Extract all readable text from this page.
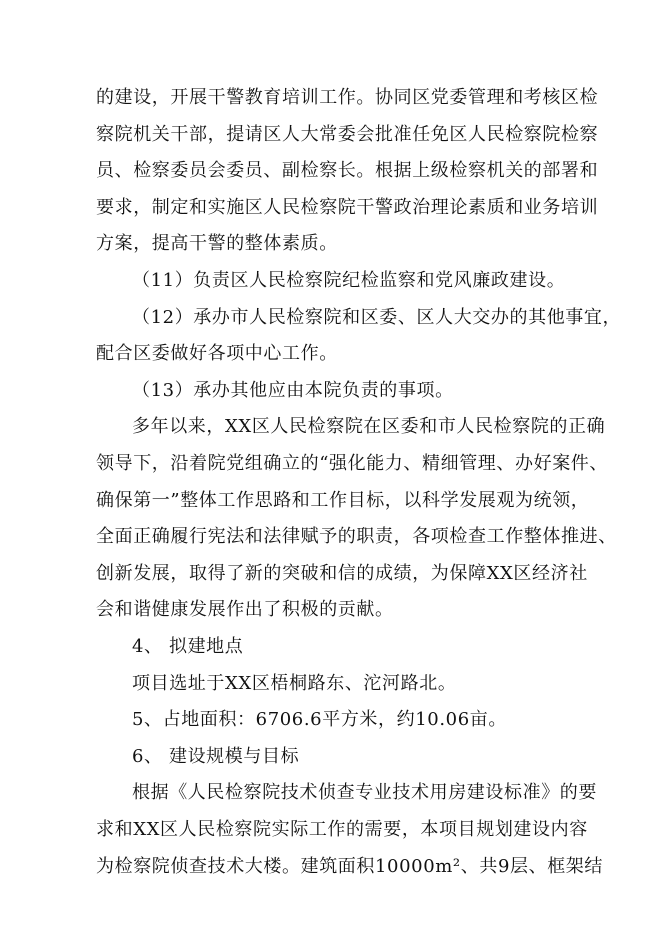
的建设，开展干警教育培训工作。协同区党委管理和考核区检
察院机关干部，提请区人大常委会批准任免区人民检察院检察
员、检察委员会委员、副检察长。根据上级检察机关的部署和
要求，制定和实施区人民检察院干警政治理论素质和业务培训
方案，提高干警的整体素质。
（11）负责区人民检察院纪检监察和党风廉政建设。
（12）承办市人民检察院和区委、区人大交办的其他事宜，
配合区委做好各项中心工作。
（13）承办其他应由本院负责的事项。
多年以来，XX区人民检察院在区委和市人民检察院的正确
领导下，沿着院党组确立的“强化能力、精细管理、办好案件、
确保第一”整体工作思路和工作目标，以科学发展观为统领，
全面正确履行宪法和法律赋予的职责，各项检查工作整体推进、
创新发展，取得了新的突破和信的成绩，为保障XX区经济社
会和谐健康发展作出了积极的贡献。
4、 拟建地点
项目选址于XX区梧桐路东、沱河路北。
5、占地面积：6706.6平方米，约10.06亩。
6、 建设规模与目标
根据《人民检察院技术侦查专业技术用房建设标准》的要
求和XX区人民检察院实际工作的需要，本项目规划建设内容
为检察院侦查技术大楼。建筑面积10000m²、共9层、框架结
